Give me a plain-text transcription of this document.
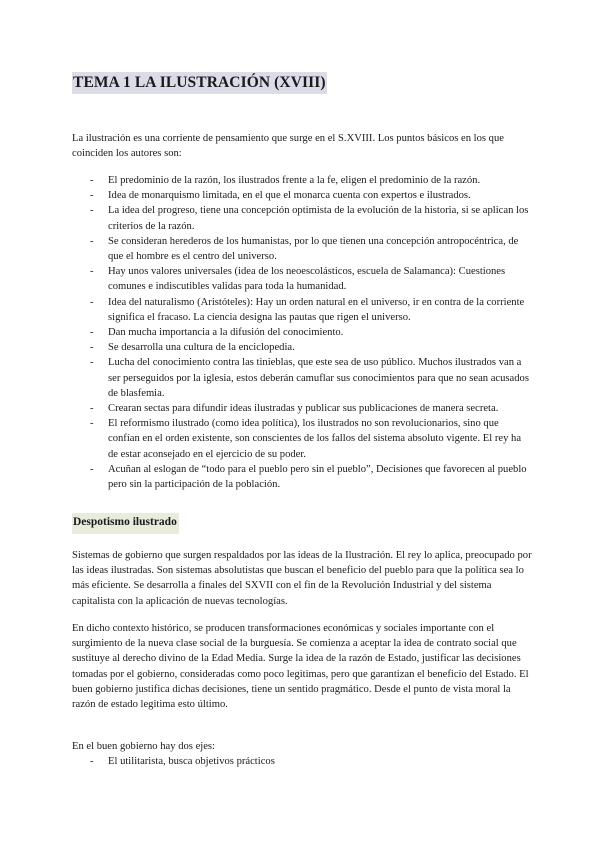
TEMA 1 LA ILUSTRACIÓN (XVIII)
La ilustración es una corriente de pensamiento que surge en el S.XVIII. Los puntos básicos en los que coinciden los autores son:
- El predominio de la razón, los ilustrados frente a la fe, eligen el predominio de la razón.
- Idea de monarquismo limitada, en el que el monarca cuenta con expertos e ilustrados.
- La idea del progreso, tiene una concepción optimista de la evolución de la historia, si se aplican los criterios de la razón.
- Se consideran herederos de los humanistas, por lo que tienen una concepción antropocéntrica, de que el hombre es el centro del universo.
- Hay unos valores universales (idea de los neoescolásticos, escuela de Salamanca): Cuestiones comunes e indiscutibles validas para toda la humanidad.
- Idea del naturalismo (Aristóteles): Hay un orden natural en el universo, ir en contra de la corriente significa el fracaso. La ciencia designa las pautas que rigen el universo.
- Dan mucha importancia a la difusión del conocimiento.
- Se desarrolla una cultura de la enciclopedia.
- Lucha del conocimiento contra las tinieblas, que este sea de uso público. Muchos ilustrados van a ser perseguidos por la iglesia, estos deberán camuflar sus conocimientos para que no sean acusados de blasfemia.
- Crearan sectas para difundir ideas ilustradas y publicar sus publicaciones de manera secreta.
- El reformismo ilustrado (como idea política), los ilustrados no son revolucionarios, sino que confían en el orden existente, son conscientes de los fallos del sistema absoluto vigente. El rey ha de estar aconsejado en el ejercicio de su poder.
- Acuñan al eslogan de “todo para el pueblo pero sin el pueblo”, Decisiones que favorecen al pueblo pero sin la participación de la población.
Despotismo ilustrado

Sistemas de gobierno que surgen respaldados por las ideas de la Ilustración. El rey lo aplica, preocupado por las ideas ilustradas. Son sistemas absolutistas que buscan el beneficio del pueblo para que la política sea lo más eficiente. Se desarrolla a finales del SXVII con el fin de la Revolución Industrial y del sistema capitalista con la aplicación de nuevas tecnologías.

En dicho contexto histórico, se producen transformaciones económicas y sociales importante con el surgimiento de la nueva clase social de la burguesía. Se comienza a aceptar la idea de contrato social que sustituye al derecho divino de la Edad Media. Surge la idea de la razón de Estado, justificar las decisiones tomadas por el gobierno, consideradas como poco legitimas, pero que garantizan el beneficio del Estado. El buen gobierno justifica dichas decisiones, tiene un sentido pragmático. Desde el punto de vista moral la razón de estado legitima esto último.

En el buen gobierno hay dos ejes:

- El utilitarista, busca objetivos prácticos
